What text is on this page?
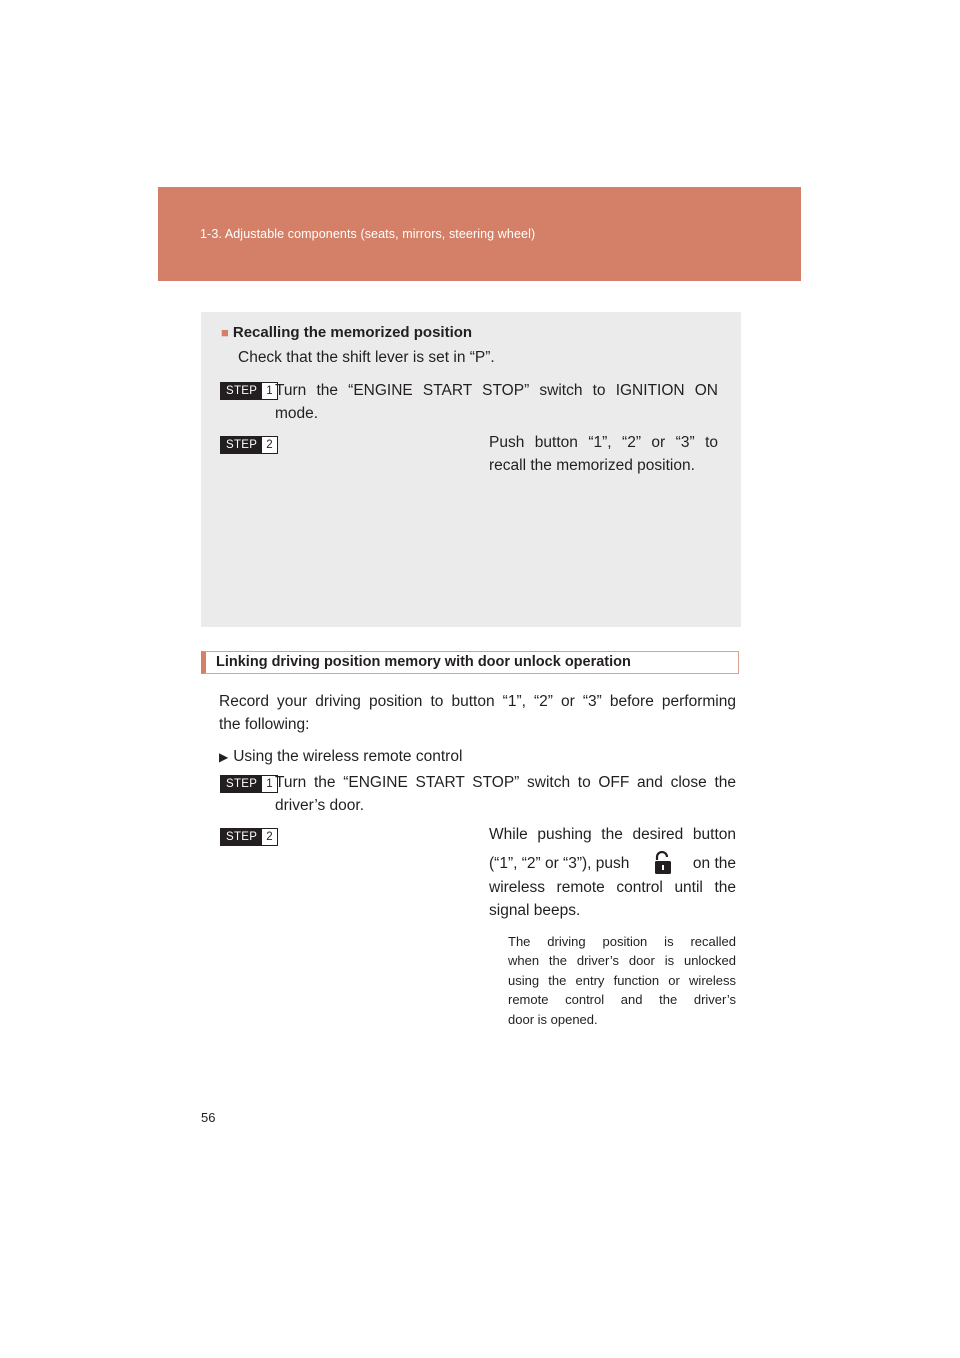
1-3. Adjustable components (seats, mirrors, steering wheel)
■ Recalling the memorized position
Check that the shift lever is set in “P”.
STEP 1 Turn the “ENGINE START STOP” switch to IGNITION ON
mode.
STEP 2	Push button “1”, “2” or “3” to
recall the memorized position.
Linking driving position memory with door unlock operation
Record your driving position to button “1”, “2” or “3” before performing
the following:
▶ Using the wireless remote control
STEP 1 Turn the “ENGINE START STOP” switch to OFF and close the
driver’s door.
STEP 2	While pushing the desired button
(“1”, “2” or “3”), push	on the
wireless remote control until the
signal beeps.
The driving position is recalled
when the driver’s door is unlocked
using the entry function or wireless
remote control and the driver’s
door is opened.
56
